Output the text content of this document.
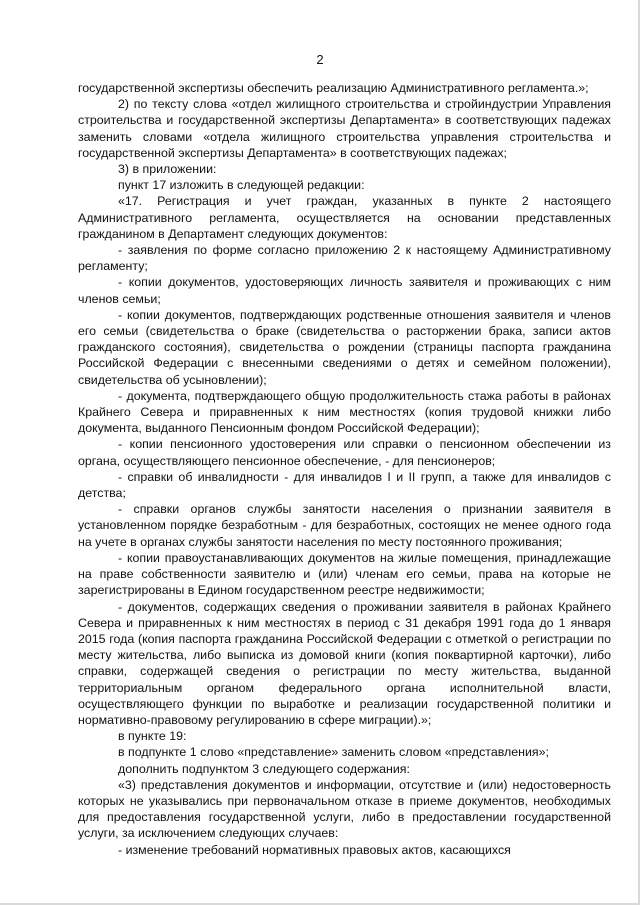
2

государственной экспертизы обеспечить реализацию Административного регламента.»;

2) по тексту слова «отдел жилищного строительства и стройиндустрии Управления строительства и государственной экспертизы Департамента» в соответствующих падежах заменить словами «отдела жилищного строительства управления строительства и государственной экспертизы Департамента» в соответствующих падежах;

3) в приложении:

пункт 17 изложить в следующей редакции:

«17. Регистрация и учет граждан, указанных в пункте 2 настоящего Административного регламента, осуществляется на основании представленных гражданином в Департамент следующих документов:

- заявления по форме согласно приложению 2 к настоящему Административному регламенту;

- копии документов, удостоверяющих личность заявителя и проживающих с ним членов семьи;

- копии документов, подтверждающих родственные отношения заявителя и членов его семьи (свидетельства о браке (свидетельства о расторжении брака, записи актов гражданского состояния), свидетельства о рождении (страницы паспорта гражданина Российской Федерации с внесенными сведениями о детях и семейном положении), свидетельства об усыновлении);

- документа, подтверждающего общую продолжительность стажа работы в районах Крайнего Севера и приравненных к ним местностях (копия трудовой книжки либо документа, выданного Пенсионным фондом Российской Федерации);

- копии пенсионного удостоверения или справки о пенсионном обеспечении из органа, осуществляющего пенсионное обеспечение, - для пенсионеров;

- справки об инвалидности - для инвалидов I и II групп, а также для инвалидов с детства;

- справки органов службы занятости населения о признании заявителя в установленном порядке безработным - для безработных, состоящих не менее одного года на учете в органах службы занятости населения по месту постоянного проживания;

- копии правоустанавливающих документов на жилые помещения, принадлежащие на праве собственности заявителю и (или) членам его семьи, права на которые не зарегистрированы в Едином государственном реестре недвижимости;

- документов, содержащих сведения о проживании заявителя в районах Крайнего Севера и приравненных к ним местностях в период с 31 декабря 1991 года до 1 января 2015 года (копия паспорта гражданина Российской Федерации с отметкой о регистрации по месту жительства, либо выписка из домовой книги (копия поквартирной карточки), либо справки, содержащей сведения о регистрации по месту жительства, выданной территориальным органом федерального органа исполнительной власти, осуществляющего функции по выработке и реализации государственной политики и нормативно-правовому регулированию в сфере миграции).»;

в пункте 19:

в подпункте 1 слово «представление» заменить словом «представления»;

дополнить подпунктом 3 следующего содержания:

«3) представления документов и информации, отсутствие и (или) недостоверность которых не указывались при первоначальном отказе в приеме документов, необходимых для предоставления государственной услуги, либо в предоставлении государственной услуги, за исключением следующих случаев:

- изменение требований нормативных правовых актов, касающихся
